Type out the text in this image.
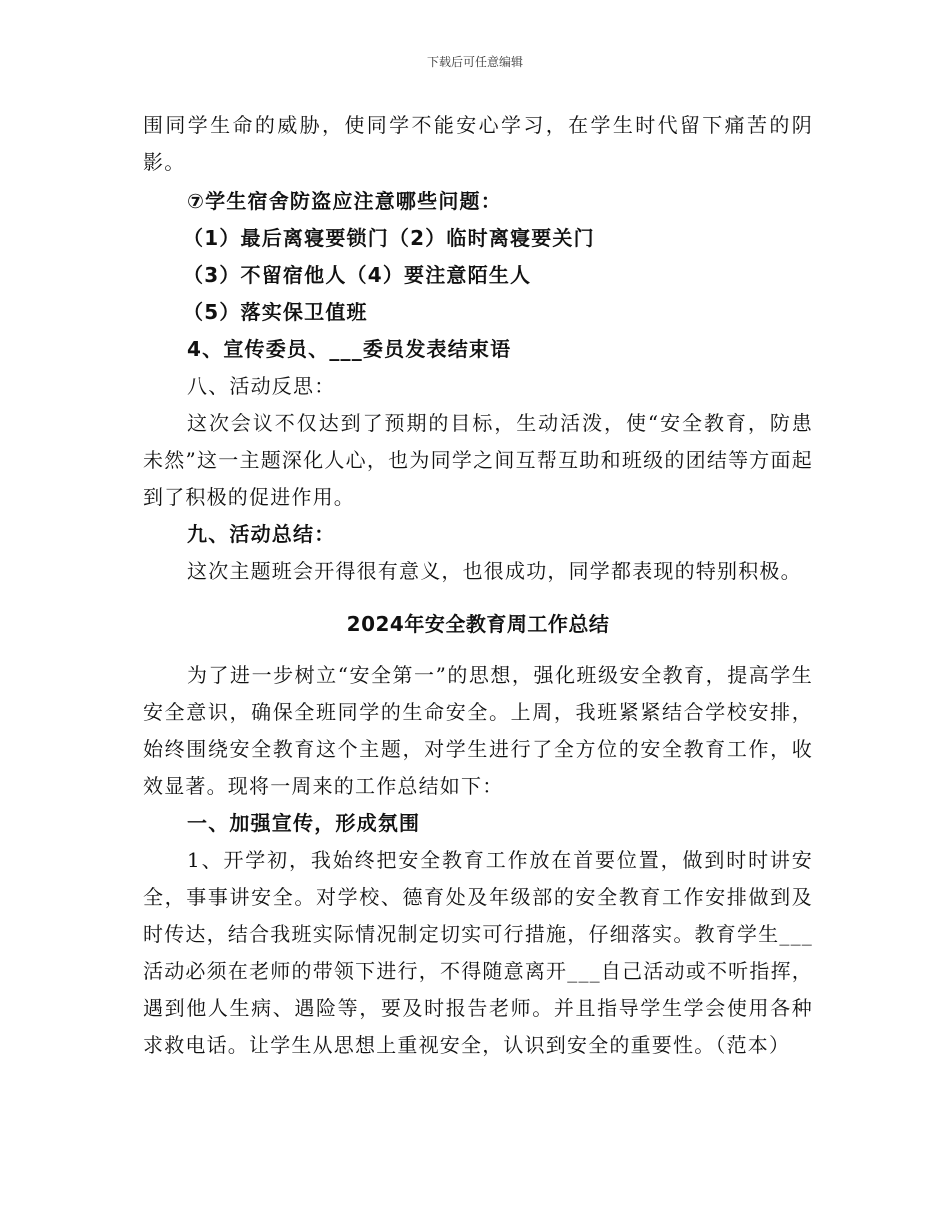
下载后可任意编辑

围同学生命的威胁，使同学不能安心学习，在学生时代留下痛苦的阴影。

⑦学生宿舍防盗应注意哪些问题：

（1）最后离寝要锁门（2）临时离寝要关门

（3）不留宿他人（4）要注意陌生人

（5）落实保卫值班

4、宣传委员、___委员发表结束语

八、活动反思：

这次会议不仅达到了预期的目标，生动活泼，使“安全教育，防患未然”这一主题深化人心，也为同学之间互帮互助和班级的团结等方面起到了积极的促进作用。

九、活动总结：

这次主题班会开得很有意义，也很成功，同学都表现的特别积极。

2024年安全教育周工作总结

为了进一步树立“安全第一”的思想，强化班级安全教育，提高学生安全意识，确保全班同学的生命安全。上周，我班紧紧结合学校安排，始终围绕安全教育这个主题，对学生进行了全方位的安全教育工作，收效显著。现将一周来的工作总结如下：

一、加强宣传，形成氛围

1、开学初，我始终把安全教育工作放在首要位置，做到时时讲安全，事事讲安全。对学校、德育处及年级部的安全教育工作安排做到及时传达，结合我班实际情况制定切实可行措施，仔细落实。教育学生___活动必须在老师的带领下进行，不得随意离开___自己活动或不听指挥，遇到他人生病、遇险等，要及时报告老师。并且指导学生学会使用各种求救电话。让学生从思想上重视安全，认识到安全的重要性。（范本）
